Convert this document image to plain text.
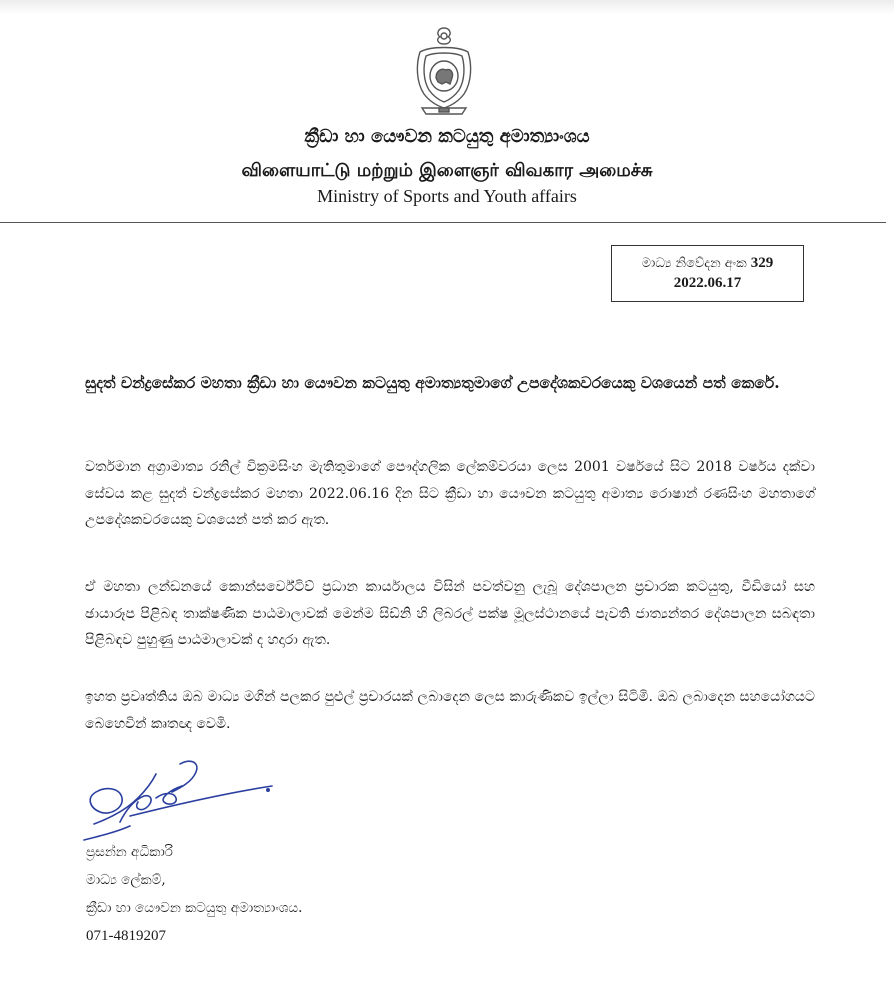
ක්‍රීඩා හා යෞවන කටයුතු අමාත්‍යාංශය
விளையாட்டு மற்றும் இளைஞர் விவகார அமைச்சு
Ministry of Sports and Youth affairs
මාධ්‍ය නිවේදන අංක 329
2022.06.17
සුදත් චන්ද්‍රසේකර මහතා ක්‍රීඩා හා යෞවන කටයුතු අමාත්‍යතුමාගේ උපදේශකවරයෙකු වශයෙන් පත් කෙරේ.
වර්තමාන අග්‍රාමාත්‍ය රනිල් වික්‍රමසිංහ මැතිතුමාගේ පෞද්ගලික ලේකම්වරයා ලෙස 2001 වර්ෂයේ සිට 2018 වර්ෂය දක්වා සේවය කළ සුදත් චන්ද්‍රසේකර මහතා 2022.06.16 දින සිට ක්‍රීඩා හා යෞවන කටයුතු අමාත්‍ය රොෂාන් රණසිංහ මහතාගේ උපදේශකවරයෙකු වශයෙන් පත් කර ඇත.
ඒ මහතා ලන්ඩනයේ කොන්සර්වේටිව් ප්‍රධාන කාර්යාලය විසින් පවත්වනු ලැබූ දේශපාලන ප්‍රචාරක කටයුතු, වීඩියෝ සහ ඡායාරූප පිළිබඳ තාක්ෂණික පාඨමාලාවක් මෙන්ම සිඩ්නි හි ලිබරල් පක්ෂ මූලස්ථානයේ පැවති ජාත්‍යන්තර දේශපාලන සබඳතා පිළිබඳව පුහුණු පාඨමාලාවක් ද හදාරා ඇත.
ඉහත ප්‍රවෘත්තිය ඔබ මාධ්‍ය මගින් පලකර පුළුල් ප්‍රචාරයක් ලබාදෙන ලෙස කාරුණිකව ඉල්ලා සිටිමි. ඔබ ලබාදෙන සහයෝගයට බෙහෙවින් කෘතඥ වෙමි.
ප්‍රසන්න අධිකාරි
මාධ්‍ය ලේකම්,
ක්‍රීඩා හා යෞවන කටයුතු අමාත්‍යාංශය.
071-4819207
